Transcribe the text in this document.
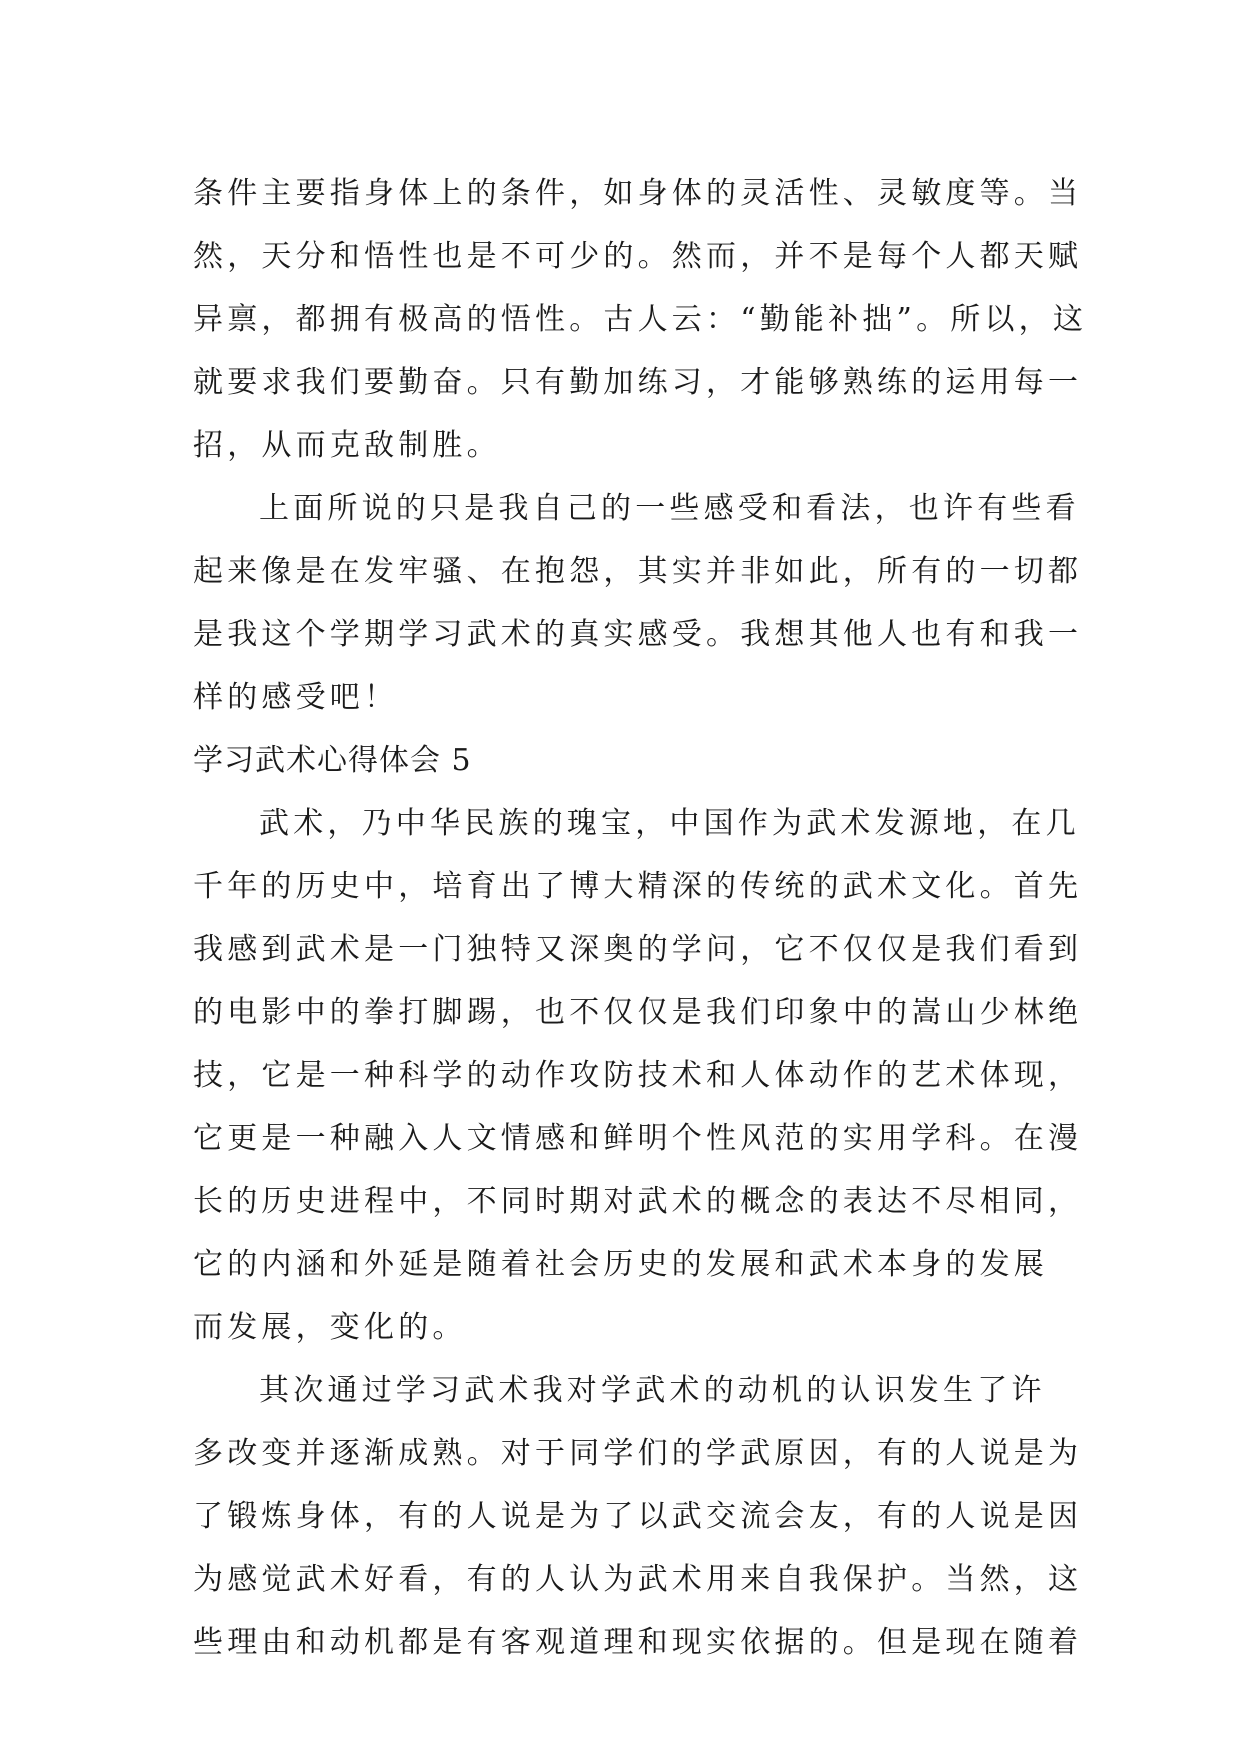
条件主要指身体上的条件，如身体的灵活性、灵敏度等。当
然，天分和悟性也是不可少的。然而，并不是每个人都天赋
异禀，都拥有极高的悟性。古人云：“勤能补拙”。所以，这
就要求我们要勤奋。只有勤加练习，才能够熟练的运用每一
招，从而克敌制胜。
上面所说的只是我自己的一些感受和看法，也许有些看
起来像是在发牢骚、在抱怨，其实并非如此，所有的一切都
是我这个学期学习武术的真实感受。我想其他人也有和我一
样的感受吧！
学习武术心得体会 5
武术，乃中华民族的瑰宝，中国作为武术发源地，在几
千年的历史中，培育出了博大精深的传统的武术文化。首先
我感到武术是一门独特又深奥的学问，它不仅仅是我们看到
的电影中的拳打脚踢，也不仅仅是我们印象中的嵩山少林绝
技，它是一种科学的动作攻防技术和人体动作的艺术体现，
它更是一种融入人文情感和鲜明个性风范的实用学科。在漫
长的历史进程中，不同时期对武术的概念的表达不尽相同，
它的内涵和外延是随着社会历史的发展和武术本身的发展
而发展，变化的。
其次通过学习武术我对学武术的动机的认识发生了许
多改变并逐渐成熟。对于同学们的学武原因，有的人说是为
了锻炼身体，有的人说是为了以武交流会友，有的人说是因
为感觉武术好看，有的人认为武术用来自我保护。当然，这
些理由和动机都是有客观道理和现实依据的。但是现在随着
